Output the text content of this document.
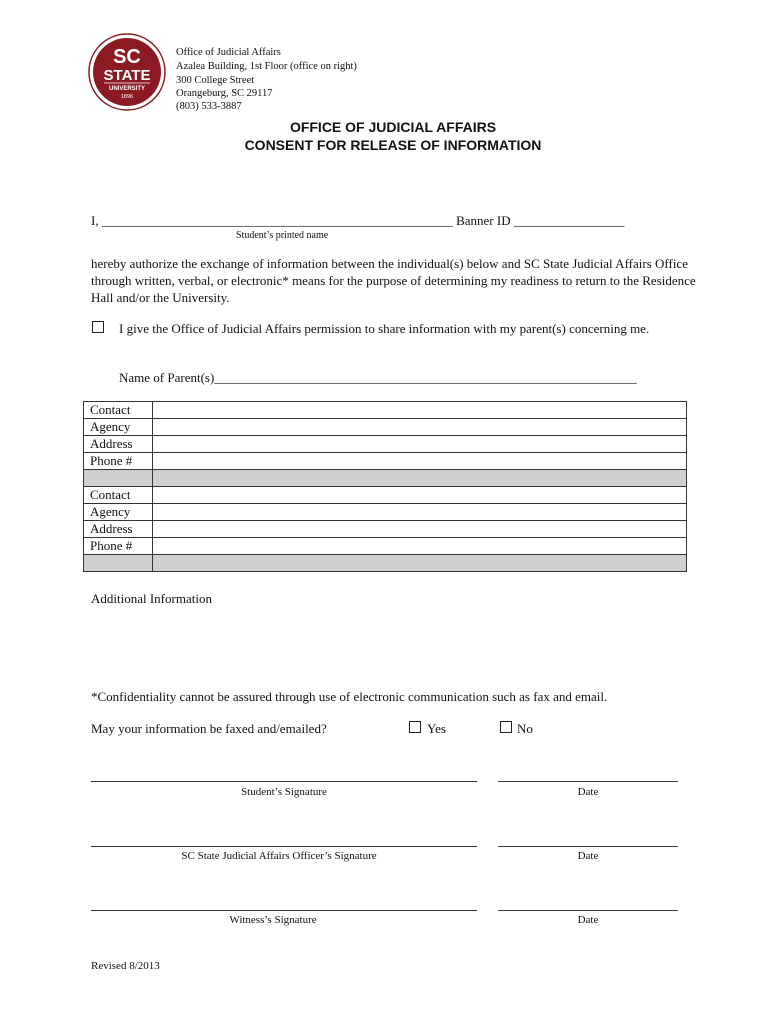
SC
STATE
UNIVERSITY
1896
Office of Judicial Affairs
Azalea Building, 1st Floor (office on right)
300 College Street
Orangeburg, SC 29117
(803) 533-3887
OFFICE OF JUDICIAL AFFAIRS
CONSENT FOR RELEASE OF INFORMATION
I, ______________________________________________________ Banner ID _________________
Student’s printed name
hereby authorize the exchange of information between the individual(s) below and SC State Judicial Affairs Office
through written, verbal, or electronic* means for the purpose of determining my readiness to return to the Residence
Hall and/or the University.
I give the Office of Judicial Affairs permission to share information with my parent(s) concerning me.
Name of Parent(s)_________________________________________________________________
Contact	
Agency	
Address	
Phone #	

Contact	
Agency	
Address	
Phone #	

Additional Information
*Confidentiality cannot be assured through use of electronic communication such as fax and email.
May your information be faxed and/emailed?	Yes	No
Student’s Signature	Date
SC State Judicial Affairs Officer’s Signature	Date
Witness’s Signature	Date
Revised 8/2013
